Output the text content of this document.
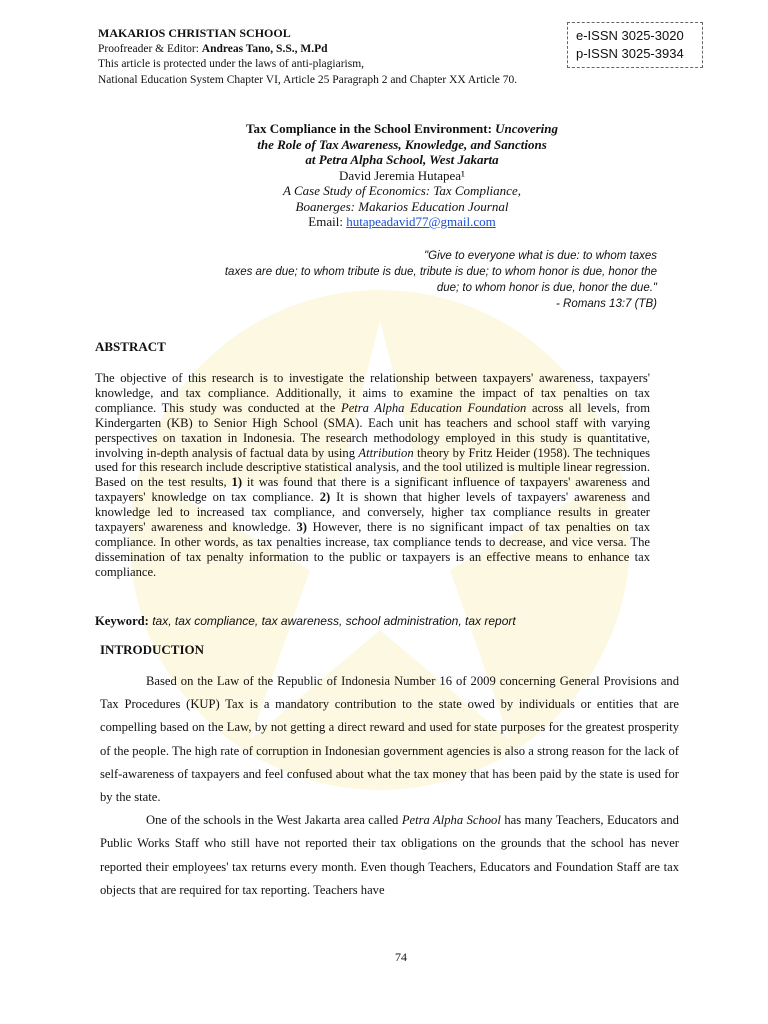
MAKARIOS CHRISTIAN SCHOOL
Proofreader & Editor: Andreas Tano, S.S., M.Pd
This article is protected under the laws of anti-plagiarism,
National Education System Chapter VI, Article 25 Paragraph 2 and Chapter XX Article 70.
e-ISSN 3025-3020
p-ISSN 3025-3934
Tax Compliance in the School Environment: Uncovering
the Role of Tax Awareness, Knowledge, and Sanctions
at Petra Alpha School, West Jakarta
David Jeremia Hutapea¹
A Case Study of Economics: Tax Compliance,
Boanerges: Makarios Education Journal
Email: hutapeadavid77@gmail.com
"Give to everyone what is due: to whom taxes
taxes are due; to whom tribute is due, tribute is due; to whom honor is due, honor the
due; to whom honor is due, honor the due."
- Romans 13:7 (TB)
ABSTRACT
The objective of this research is to investigate the relationship between taxpayers' awareness, taxpayers' knowledge, and tax compliance. Additionally, it aims to examine the impact of tax penalties on tax compliance. This study was conducted at the Petra Alpha Education Foundation across all levels, from Kindergarten (KB) to Senior High School (SMA). Each unit has teachers and school staff with varying perspectives on taxation in Indonesia. The research methodology employed in this study is quantitative, involving in-depth analysis of factual data by using Attribution theory by Fritz Heider (1958). The techniques used for this research include descriptive statistical analysis, and the tool utilized is multiple linear regression. Based on the test results, 1) it was found that there is a significant influence of taxpayers' awareness and taxpayers' knowledge on tax compliance. 2) It is shown that higher levels of taxpayers' awareness and knowledge led to increased tax compliance, and conversely, higher tax compliance results in greater taxpayers' awareness and knowledge. 3) However, there is no significant impact of tax penalties on tax compliance. In other words, as tax penalties increase, tax compliance tends to decrease, and vice versa. The dissemination of tax penalty information to the public or taxpayers is an effective means to enhance tax compliance.
Keyword: tax, tax compliance, tax awareness, school administration, tax report
INTRODUCTION

Based on the Law of the Republic of Indonesia Number 16 of 2009 concerning General Provisions and Tax Procedures (KUP) Tax is a mandatory contribution to the state owed by individuals or entities that are compelling based on the Law, by not getting a direct reward and used for state purposes for the greatest prosperity of the people. The high rate of corruption in Indonesian government agencies is also a strong reason for the lack of self-awareness of taxpayers and feel confused about what the tax money that has been paid by the state is used for by the state.

One of the schools in the West Jakarta area called Petra Alpha School has many Teachers, Educators and Public Works Staff who still have not reported their tax obligations on the grounds that the school has never reported their employees' tax returns every month. Even though Teachers, Educators and Foundation Staff are tax objects that are required for tax reporting. Teachers have

74
